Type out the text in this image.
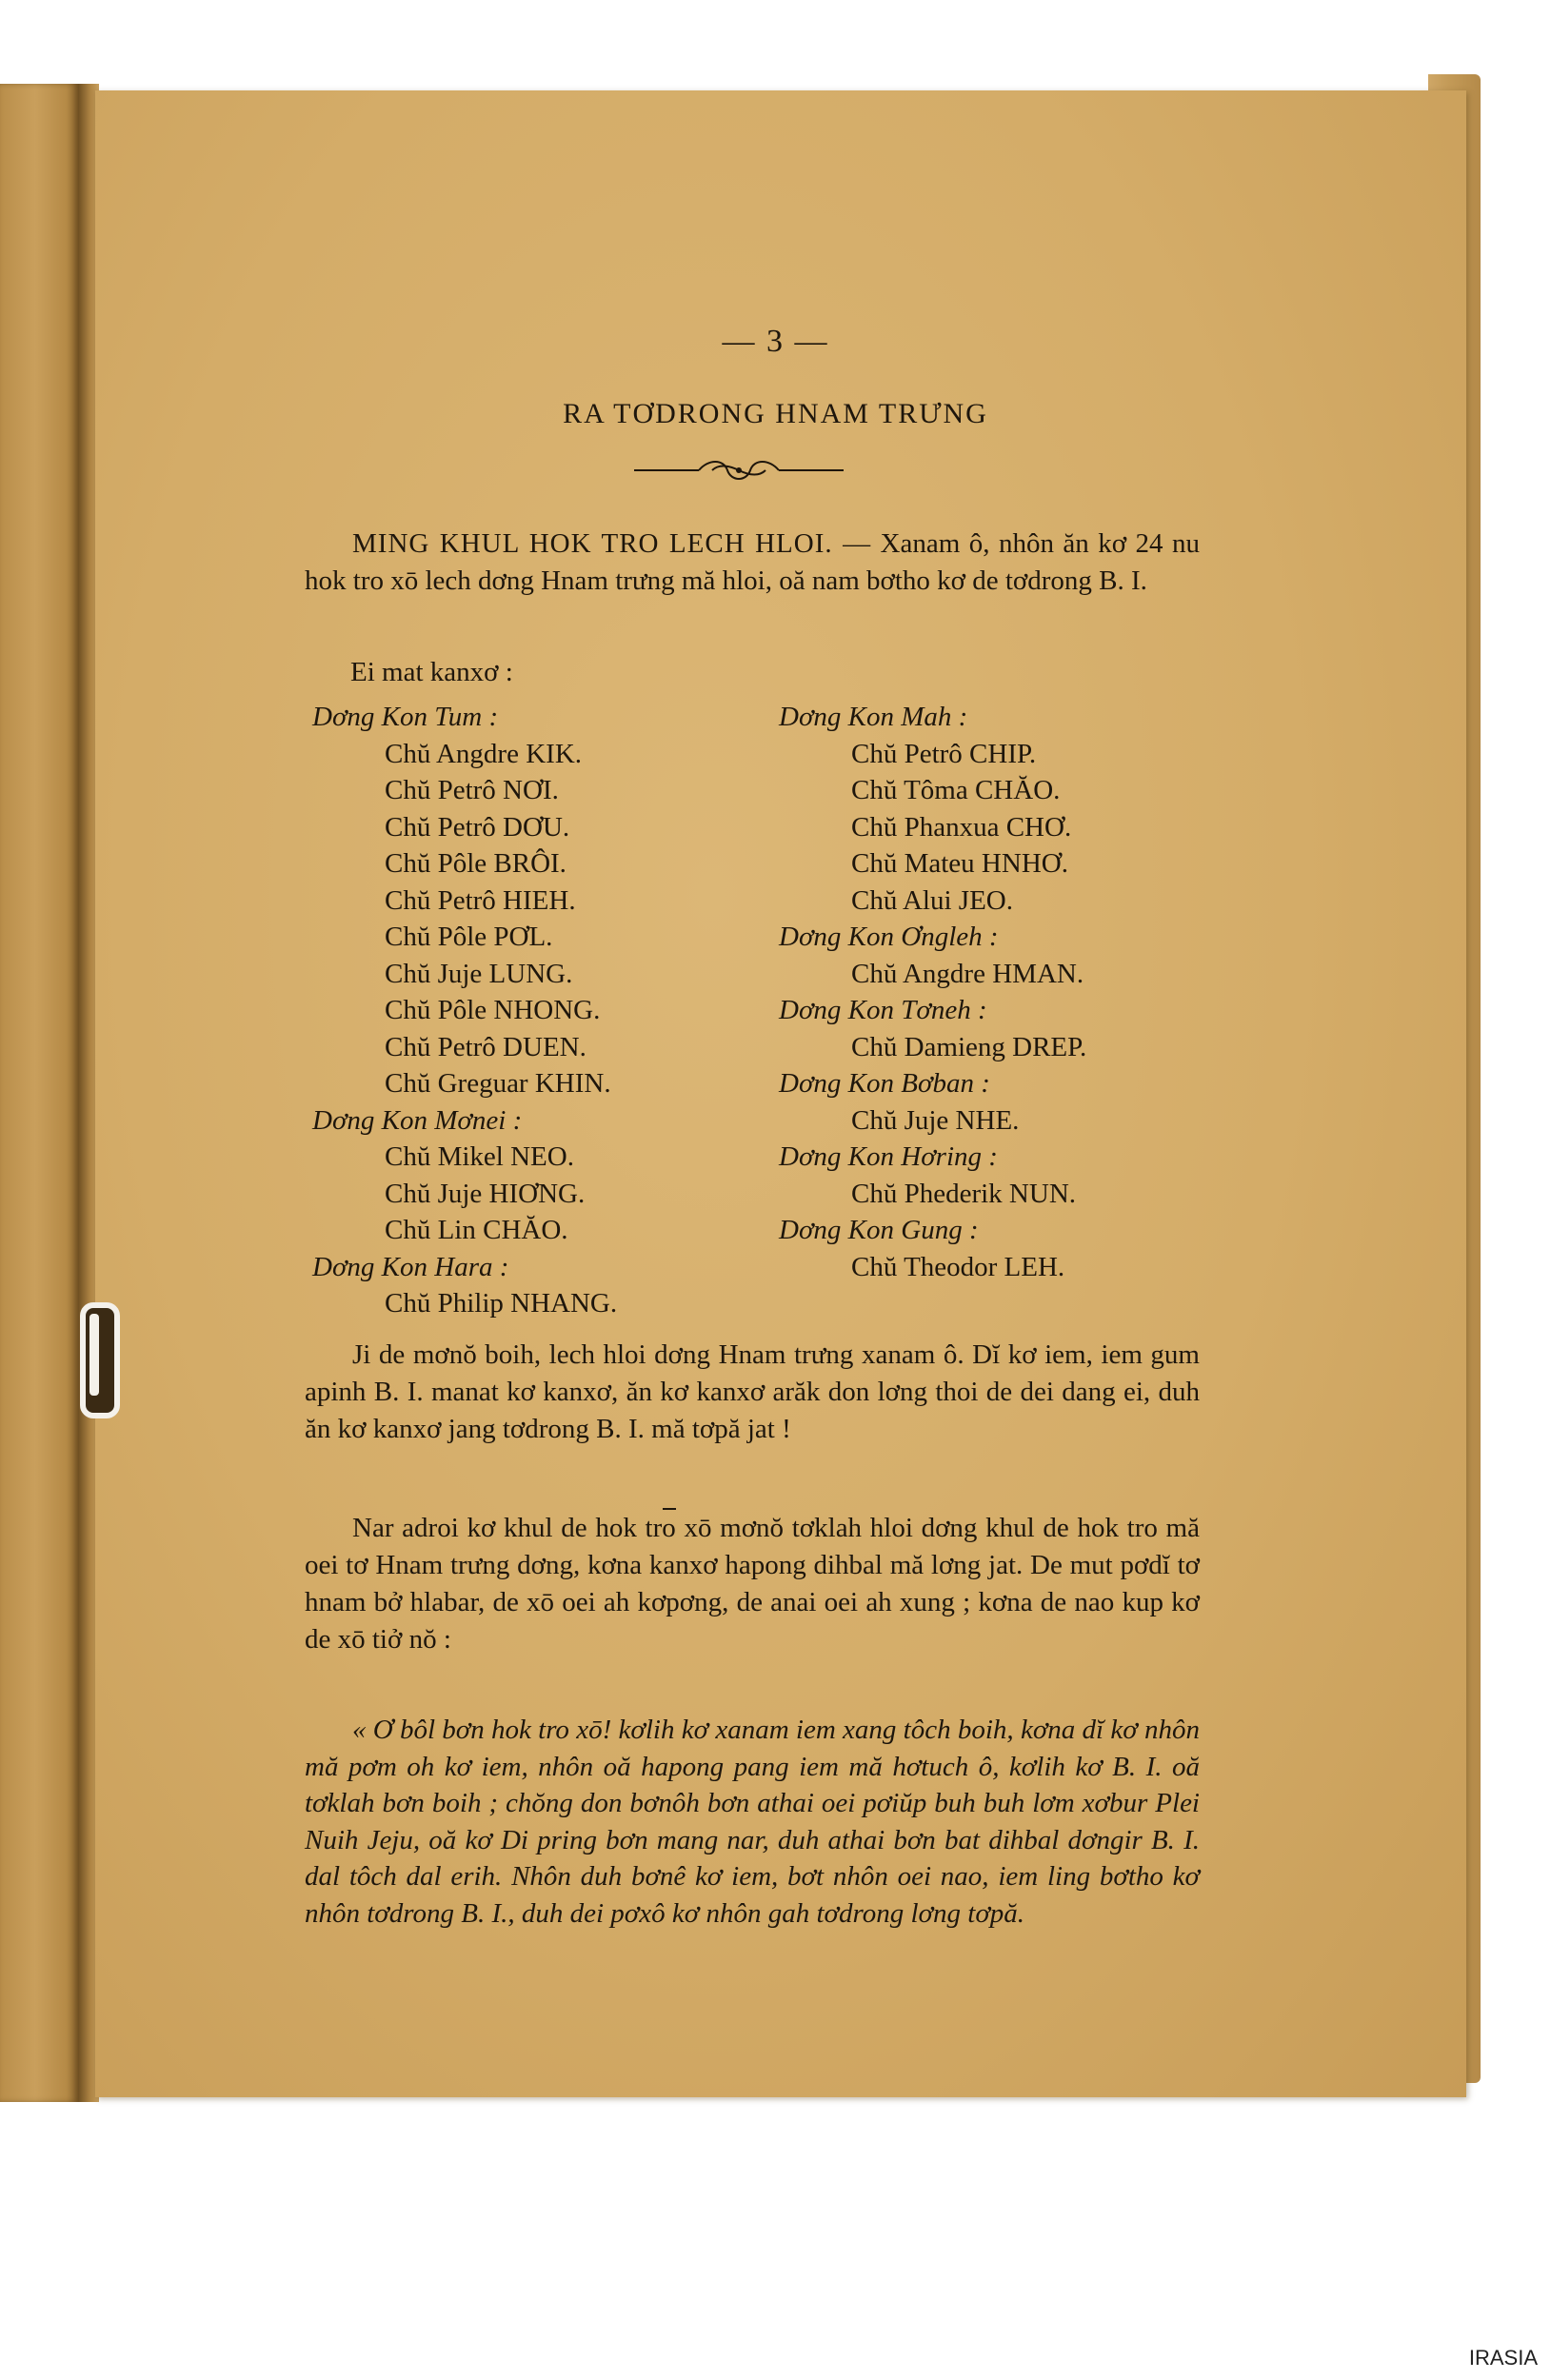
— 3 —
RA TƠDRONG HNAM TRƯNG

MING KHUL HOK TRO LECH HLOI. — Xanam ô, nhôn ăn kơ 24 nu hok tro xō lech dơng Hnam trưng mă hloi, oă nam bơtho kơ de tơdrong B. I.

Ei mat kanxơ :
Dơng Kon Tum :
Chŭ Angdre KIK.
Chŭ Petrô NƠI.
Chŭ Petrô DƠU.
Chŭ Pôle BRÔI.
Chŭ Petrô HIEH.
Chŭ Pôle PƠL.
Chŭ Juje LUNG.
Chŭ Pôle NHONG.
Chŭ Petrô DUEN.
Chŭ Greguar KHIN.
Dơng Kon Mơnei :
Chŭ Mikel NEO.
Chŭ Juje HIƠNG.
Chŭ Lin CHĂO.
Dơng Kon Hara :
Chŭ Philip NHANG.
Dơng Kon Mah :
Chŭ Petrô CHIP.
Chŭ Tôma CHĂO.
Chŭ Phanxua CHƠ.
Chŭ Mateu HNHƠ.
Chŭ Alui JEO.
Dơng Kon Ơngleh :
Chŭ Angdre HMAN.
Dơng Kon Tơneh :
Chŭ Damieng DREP.
Dơng Kon Bơban :
Chŭ Juje NHE.
Dơng Kon Hơring :
Chŭ Phederik NUN.
Dơng Kon Gung :
Chŭ Theodor LEH.

Ji de mơnŏ boih, lech hloi dơng Hnam trưng xanam ô. Dĭ kơ iem, iem gum apinh B. I. manat kơ kanxơ, ăn kơ kanxơ arăk don lơng thoi de dei dang ei, duh ăn kơ kanxơ jang tơdrong B. I. mă tơpă jat !

Nar adroi kơ khul de hok tro xō mơnŏ tơklah hloi dơng khul de hok tro mă oei tơ Hnam trưng dơng, kơna kanxơ hapong dihbal mă lơng jat. De mut pơdĭ tơ hnam bở hlabar, de xō oei ah kơpơng, de anai oei ah xung ; kơna de nao kup kơ de xō tiở nŏ :

« Ơ bôl bơn hok tro xō! kơlih kơ xanam iem xang tôch boih, kơna dĭ kơ nhôn mă pơm oh kơ iem, nhôn oă hapong pang iem mă hơtuch ô, kơlih kơ B. I. oă tơklah bơn boih ; chŏng don bơnôh bơn athai oei pơiŭp buh buh lơm xơbur Plei Nuih Jeju, oă kơ Di pring bơn mang nar, duh athai bơn bat dihbal dơngir B. I. dal tôch dal erih. Nhôn duh bơnê kơ iem, bơt nhôn oei nao, iem ling bơtho kơ nhôn tơdrong B. I., duh dei pơxô kơ nhôn gah tơdrong lơng tơpă.

IRASIA
